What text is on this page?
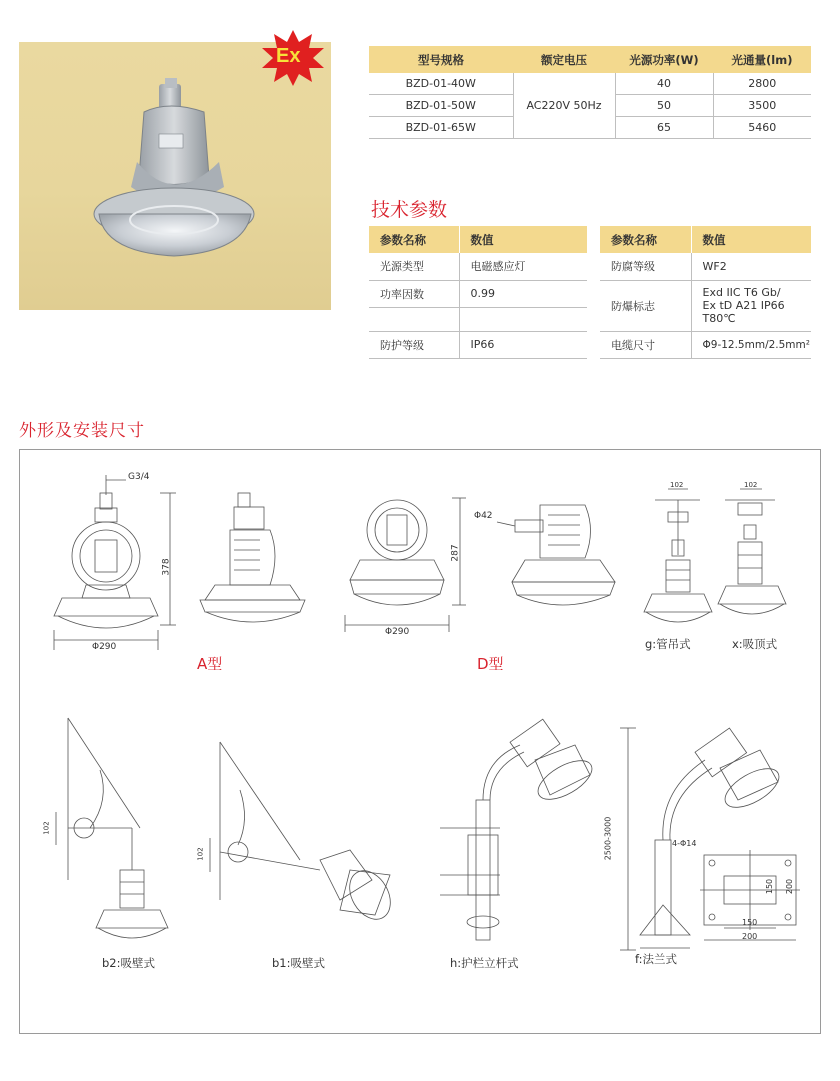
Ex	型号规格	额定电压	光源功率(W)	光通量(lm)
BZD-01-40W	AC220V 50Hz	40	2800
BZD-01-50W		50	3500
BZD-01-65W		65	5460
技术参数
参数名称	数值
光源类型	电磁感应灯
功率因数	0.99

防护等级	IP66
参数名称	数值
防腐等级	WF2
防爆标志	Exd IIC T6 Gb/
Ex tD A21 IP66
T80℃

电缆尺寸	Φ9-12.5mm/2.5mm²
外形及安装尺寸
G3/4
378
Φ290
Φ42
287
Φ290
102	102
102
102	2500-3000	4-Φ14
150 200
150
200
A型	D型
g:管吊式	x:吸顶式
b2:吸壁式	b1:吸壁式	h:护栏立杆式	f:法兰式
